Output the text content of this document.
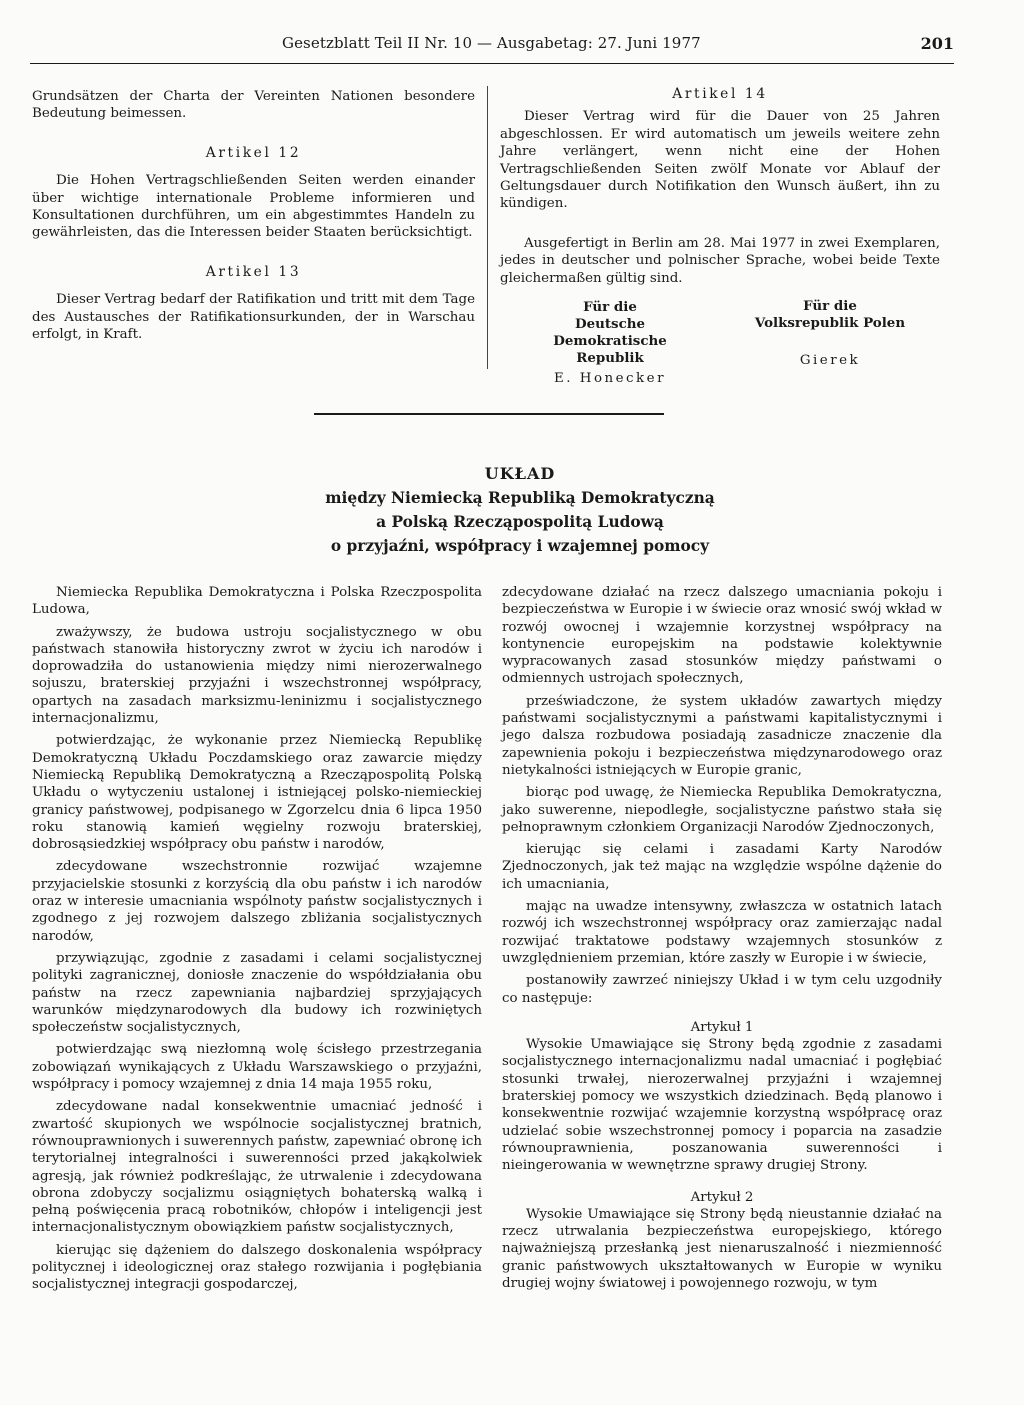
Gesetzblatt Teil II Nr. 10 — Ausgabetag: 27. Juni 1977	201

Grundsätzen der Charta der Vereinten Nationen besondere Bedeutung beimessen.

Artikel 12

Die Hohen Vertragschließenden Seiten werden einander über wichtige internationale Probleme informieren und Konsultationen durchführen, um ein abgestimmtes Handeln zu gewährleisten, das die Interessen beider Staaten berücksichtigt.

Artikel 13

Dieser Vertrag bedarf der Ratifikation und tritt mit dem Tage des Austausches der Ratifikationsurkunden, der in Warschau erfolgt, in Kraft.

Artikel 14

Dieser Vertrag wird für die Dauer von 25 Jahren abgeschlossen. Er wird automatisch um jeweils weitere zehn Jahre verlängert, wenn nicht eine der Hohen Vertragschließenden Seiten zwölf Monate vor Ablauf der Geltungsdauer durch Notifikation den Wunsch äußert, ihn zu kündigen.

Ausgefertigt in Berlin am 28. Mai 1977 in zwei Exemplaren, jedes in deutscher und polnischer Sprache, wobei beide Texte gleichermaßen gültig sind.

Für die
Deutsche Demokratische Republik
E. Honecker
Für die
Volksrepublik Polen
Gierek
UKŁAD
między Niemiecką Republiką Demokratyczną
a Polską Rzecząpospolitą Ludową
o przyjaźni, współpracy i wzajemnej pomocy

Niemiecka Republika Demokratyczna i Polska Rzeczpospolita Ludowa,

zważywszy, że budowa ustroju socjalistycznego w obu państwach stanowiła historyczny zwrot w życiu ich narodów i doprowadziła do ustanowienia między nimi nierozerwalnego sojuszu, braterskiej przyjaźni i wszechstronnej współpracy, opartych na zasadach marksizmu-leninizmu i socjalistycznego internacjonalizmu,

potwierdzając, że wykonanie przez Niemiecką Republikę Demokratyczną Układu Poczdamskiego oraz zawarcie między Niemiecką Republiką Demokratyczną a Rzecząpospolitą Polską Układu o wytyczeniu ustalonej i istniejącej polsko-niemieckiej granicy państwowej, podpisanego w Zgorzelcu dnia 6 lipca 1950 roku stanowią kamień węgielny rozwoju braterskiej, dobrosąsiedzkiej współpracy obu państw i narodów,

zdecydowane wszechstronnie rozwijać wzajemne przyjacielskie stosunki z korzyścią dla obu państw i ich narodów oraz w interesie umacniania wspólnoty państw socjalistycznych i zgodnego z jej rozwojem dalszego zbliżania socjalistycznych narodów,

przywiązując, zgodnie z zasadami i celami socjalistycznej polityki zagranicznej, doniosłe znaczenie do współdziałania obu państw na rzecz zapewniania najbardziej sprzyjających warunków międzynarodowych dla budowy ich rozwiniętych społeczeństw socjalistycznych,

potwierdzając swą niezłomną wolę ścisłego przestrzegania zobowiązań wynikających z Układu Warszawskiego o przyjaźni, współpracy i pomocy wzajemnej z dnia 14 maja 1955 roku,

zdecydowane nadal konsekwentnie umacniać jedność i zwartość skupionych we wspólnocie socjalistycznej bratnich, równouprawnionych i suwerennych państw, zapewniać obronę ich terytorialnej integralności i suwerenności przed jakąkolwiek agresją, jak również podkreślając, że utrwalenie i zdecydowana obrona zdobyczy socjalizmu osiągniętych bohaterską walką i pełną poświęcenia pracą robotników, chłopów i inteligencji jest internacjonalistycznym obowiązkiem państw socjalistycznych,

kierując się dążeniem do dalszego doskonalenia współpracy politycznej i ideologicznej oraz stałego rozwijania i pogłębiania socjalistycznej integracji gospodarczej,

zdecydowane działać na rzecz dalszego umacniania pokoju i bezpieczeństwa w Europie i w świecie oraz wnosić swój wkład w rozwój owocnej i wzajemnie korzystnej współpracy na kontynencie europejskim na podstawie kolektywnie wypracowanych zasad stosunków między państwami o odmiennych ustrojach społecznych,

przeświadczone, że system układów zawartych między państwami socjalistycznymi a państwami kapitalistycznymi i jego dalsza rozbudowa posiadają zasadnicze znaczenie dla zapewnienia pokoju i bezpieczeństwa międzynarodowego oraz nietykalności istniejących w Europie granic,

biorąc pod uwagę, że Niemiecka Republika Demokratyczna, jako suwerenne, niepodległe, socjalistyczne państwo stała się pełnoprawnym członkiem Organizacji Narodów Zjednoczonych,

kierując się celami i zasadami Karty Narodów Zjednoczonych, jak też mając na względzie wspólne dążenie do ich umacniania,

mając na uwadze intensywny, zwłaszcza w ostatnich latach rozwój ich wszechstronnej współpracy oraz zamierzając nadal rozwijać traktatowe podstawy wzajemnych stosunków z uwzględnieniem przemian, które zaszły w Europie i w świecie,

postanowiły zawrzeć niniejszy Układ i w tym celu uzgodniły co następuje:

Artykuł 1

Wysokie Umawiające się Strony będą zgodnie z zasadami socjalistycznego internacjonalizmu nadal umacniać i pogłębiać stosunki trwałej, nierozerwalnej przyjaźni i wzajemnej braterskiej pomocy we wszystkich dziedzinach. Będą planowo i konsekwentnie rozwijać wzajemnie korzystną współpracę oraz udzielać sobie wszechstronnej pomocy i poparcia na zasadzie równouprawnienia, poszanowania suwerenności i nieingerowania w wewnętrzne sprawy drugiej Strony.

Artykuł 2

Wysokie Umawiające się Strony będą nieustannie działać na rzecz utrwalania bezpieczeństwa europejskiego, którego najważniejszą przesłanką jest nienaruszalność i niezmienność granic państwowych ukształtowanych w Europie w wyniku drugiej wojny światowej i powojennego rozwoju, w tym
